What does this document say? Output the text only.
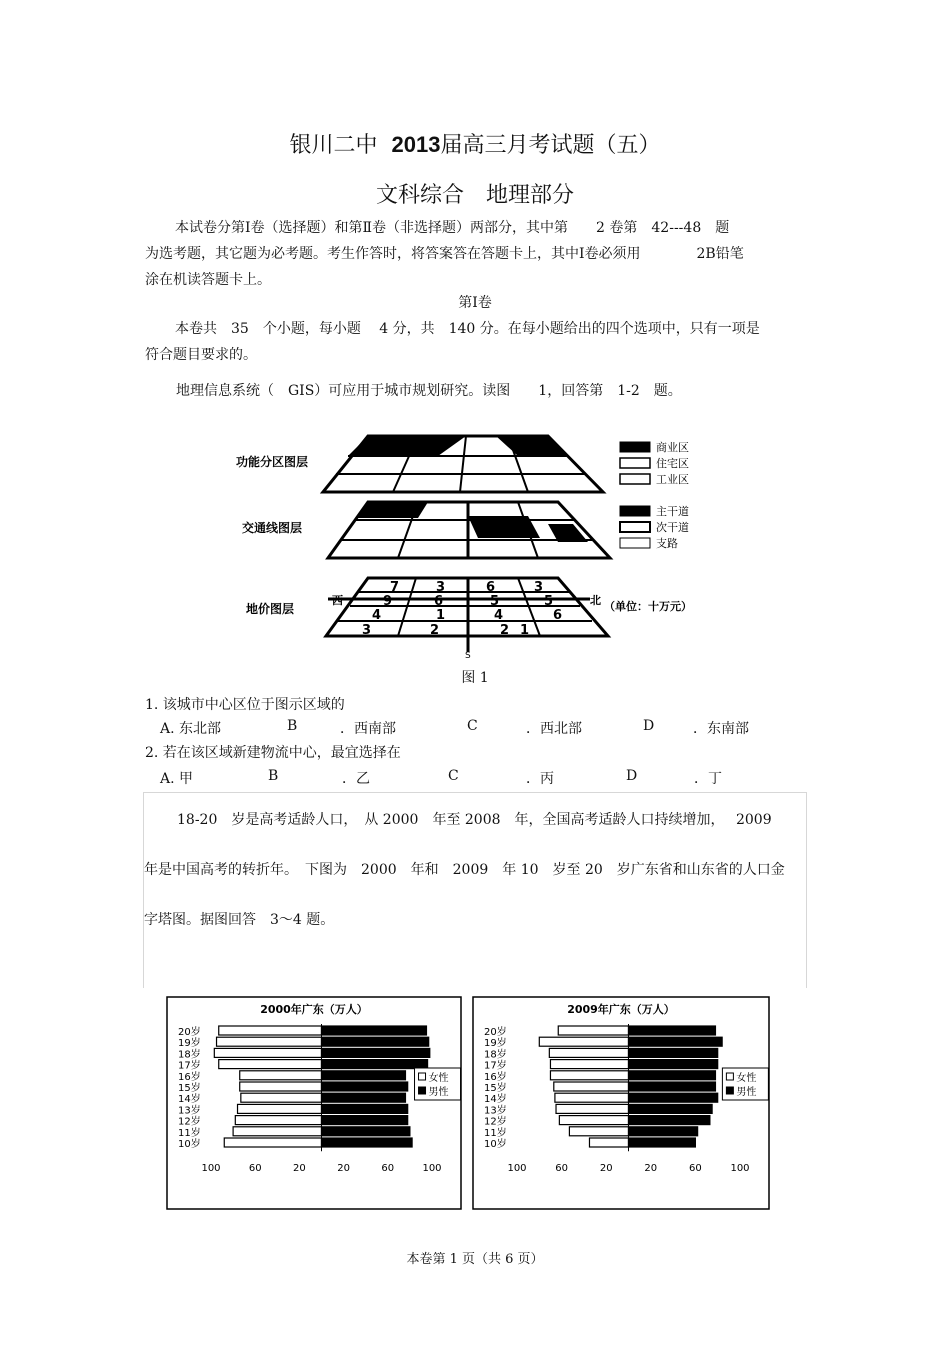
银川二中 2013届高三月考试题（五）
文科综合　地理部分
本试卷分第Ⅰ卷（选择题）和第Ⅱ卷（非选择题）两部分，其中第　　2 卷第　42---48　题
为选考题，其它题为必考题。考生作答时，将答案答在答题卡上，其中Ⅰ卷必须用　　　　2B铅笔
涂在机读答题卡上。
第Ⅰ卷
本卷共　35　个小题，每小题　 4 分，共　140 分。在每小题给出的四个选项中，只有一项是
符合题目要求的。
地理信息系统（　GIS）可应用于城市规划研究。读图　　1，回答第　1-2　题。
功能分区图层
商业区
住宅区
工业区
交通线图层
主干道
次干道
支路
地价图层
西	北
S
（单位：十万元）
7	3	6	3
9	6	5	5
4	1	4	6
3	2	2 1
图 1
1. 该城市中心区位于图示区域的
A. 东北部	B	．西南部	C	．西北部	D	．东南部
2. 若在该区域新建物流中心，最宜选择在
A. 甲	B	．乙	C	．丙	D	．丁

18-20　岁是高考适龄人口，　从 2000　年至 2008　年，全国高考适龄人口持续增加，　 2009

年是中国高考的转折年。　下图为　2000　年和　2009　年 10　岁至 20　岁广东省和山东省的人口金

字塔图。据图回答　3～4 题。

2000年广东（万人）
20岁
19岁
18岁
17岁
16岁
15岁
14岁
13岁
12岁
11岁
10岁
100	60	20	20	60	100
女性
男性
2009年广东（万人）
20岁
19岁
18岁
17岁
16岁
15岁
14岁
13岁
12岁
11岁
10岁
100	60	20	20	60	100
女性
男性
本卷第 1 页（共 6 页）
